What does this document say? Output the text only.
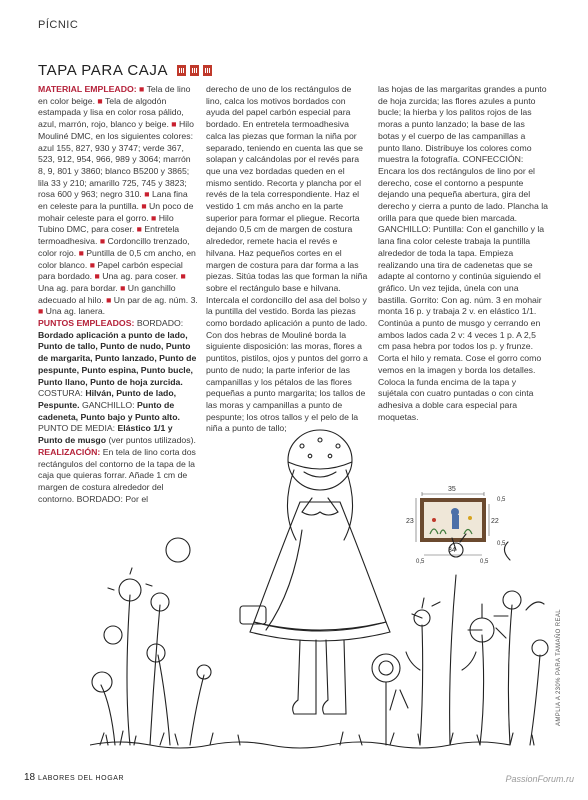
PÍCNIC
TAPA PARA CAJA

MATERIAL EMPLEADO: ■ Tela de lino en color beige. ■ Tela de algodón estampada y lisa en color rosa pálido, azul, marrón, rojo, blanco y beige. ■ Hilo Mouliné DMC, en los siguientes colores: azul 155, 827, 930 y 3747; verde 367, 523, 912, 954, 966, 989 y 3064; marrón 8, 9, 801 y 3860; blanco B5200 y 3865; lila 33 y 210; amarillo 725, 745 y 3823; rosa 600 y 963; negro 310. ■ Lana fina en celeste para la puntilla. ■ Un poco de mohair celeste para el gorro. ■ Hilo Tubino DMC, para coser. ■ Entretela termoadhesiva. ■ Cordoncillo trenzado, color rojo. ■ Puntilla de 0,5 cm ancho, en color blanco. ■ Papel carbón especial para bordado. ■ Una ag. para coser. ■ Una ag. para bordar. ■ Un ganchillo adecuado al hilo. ■ Un par de ag. núm. 3. ■ Una ag. lanera.

PUNTOS EMPLEADOS: BORDADO: Bordado aplicación a punto de lado, Punto de tallo, Punto de nudo, Punto de margarita, Punto lanzado, Punto de pespunte, Punto espina, Punto bucle, Punto llano, Punto de hoja zurcida. COSTURA: Hilván, Punto de lado, Pespunte. GANCHILLO: Punto de cadeneta, Punto bajo y Punto alto. PUNTO DE MEDIA: Elástico 1/1 y Punto de musgo (ver puntos utilizados).

REALIZACIÓN: En tela de lino corta dos rectángulos del contorno de la tapa de la caja que quieras forrar. Añade 1 cm de margen de costura alrededor del contorno. BORDADO: Por el

derecho de uno de los rectángulos de lino, calca los motivos bordados con ayuda del papel carbón especial para bordado. En entretela termoadhesiva calca las piezas que forman la niña por separado, teniendo en cuenta las que se solapan y calcándolas por el revés para que una vez bordadas queden en el mismo sentido. Recorta y plancha por el revés de la tela correspondiente. Haz el vestido 1 cm más ancho en la parte superior para formar el pliegue. Recorta dejando 0,5 cm de margen de costura alrededor, remete hacia el revés e hilvana. Haz pequeños cortes en el margen de costura para dar forma a las piezas. Sitúa todas las que forman la niña sobre el rectángulo base e hilvana. Intercala el cordoncillo del asa del bolso y la puntilla del vestido. Borda las piezas como bordado aplicación a punto de lado. Con dos hebras de Mouliné borda la siguiente disposición: las moras, flores a puntitos, pistilos, ojos y puntos del gorro a punto de nudo; la parte inferior de las campanillas y los pétalos de las flores pequeñas a punto margarita; los tallos de las moras y campanillas a punto de pespunte; los otros tallos y el pelo de la niña a punto de tallo;

las hojas de las margaritas grandes a punto de hoja zurcida; las flores azules a punto bucle; la hierba y los palitos rojos de las moras a punto lanzado; la base de las botas y el cuerpo de las campanillas a punto llano. Distribuye los colores como muestra la fotografía. CONFECCIÓN: Encara los dos rectángulos de lino por el derecho, cose el contorno a pespunte dejando una pequeña abertura, gira del derecho y cierra a punto de lado. Plancha la orilla para que quede bien marcada. GANCHILLO: Puntilla: Con el ganchillo y la lana fina color celeste trabaja la puntilla alrededor de toda la tapa. Empieza realizando una tira de cadenetas que se adapte al contorno y continúa siguiendo el gráfico. Un vez tejida, únela con una bastilla. Gorrito: Con ag. núm. 3 en mohair monta 16 p. y trabaja 2 v. en elástico 1/1. Continúa a punto de musgo y cerrando en ambos lados cada 2 v: 4 veces 1 p. A 2,5 cm pasa hebra por todos los p. y frunze. Corta el hilo y remata. Cose el gorro como vemos en la imagen y borda los detalles. Coloca la funda encima de la tapa y sujétala con cuatro puntadas o con cinta adhesiva a doble cara especial para moquetas.

35
23	22
0,5
0,5
34
0,5	0,5
AMPLIA A 230% PARA TAMAÑO REAL
18 LABORES DEL HOGAR	PassionForum.ru
